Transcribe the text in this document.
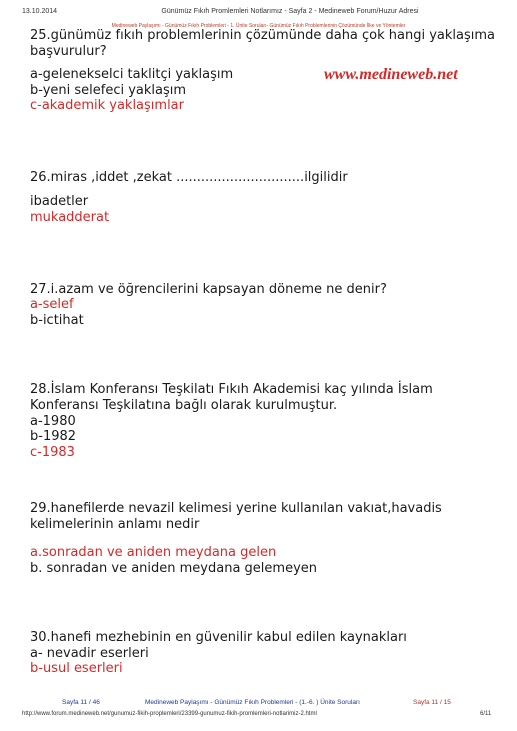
13.10.2014	Günümüz Fıkıh Promlemleri Notlarımız - Sayfa 2 - Medineweb Forum/Huzur Adresi
Medineweb Paylaşımı - Günümüz Fıkıh Problemleri - 1. Ünite Soruları- Günümüz Fıkıh Problemlerinin Çözümünde İlke ve Yöntemler
www.medineweb.net
25.günümüz fıkıh problemlerinin çözümünde daha çok hangi yaklaşıma
başvurulur?
a-gelenekselci taklitçi yaklaşım
b-yeni selefeci yaklaşım
c-akademik yaklaşımlar
26.miras ,iddet ,zekat ...............................ilgilidir
ibadetler
mukadderat
27.i.azam ve öğrencilerini kapsayan döneme ne denir?
a-selef
b-ictihat
28.İslam Konferansı Teşkilatı Fıkıh Akademisi kaç yılında İslam
Konferansı Teşkilatına bağlı olarak kurulmuştur.
a-1980
b-1982
c-1983
29.hanefilerde nevazil kelimesi yerine kullanılan vakıat,havadis
kelimelerinin anlamı nedir
a.sonradan ve aniden meydana gelen
b. sonradan ve aniden meydana gelemeyen
30.hanefi mezhebinin en güvenilir kabul edilen kaynakları
a- nevadir eserleri
b-usul eserleri
Sayfa 11 / 46	Medineweb Paylaşımı - Günümüz Fıkıh Problemleri - (1.-6. ) Ünite Soruları	Sayfa 11 / 15
http://www.forum.medineweb.net/gunumuz-fikih-proplemleri/23399-gunumuz-fikih-promlemleri-notlarimiz-2.html	6/11
